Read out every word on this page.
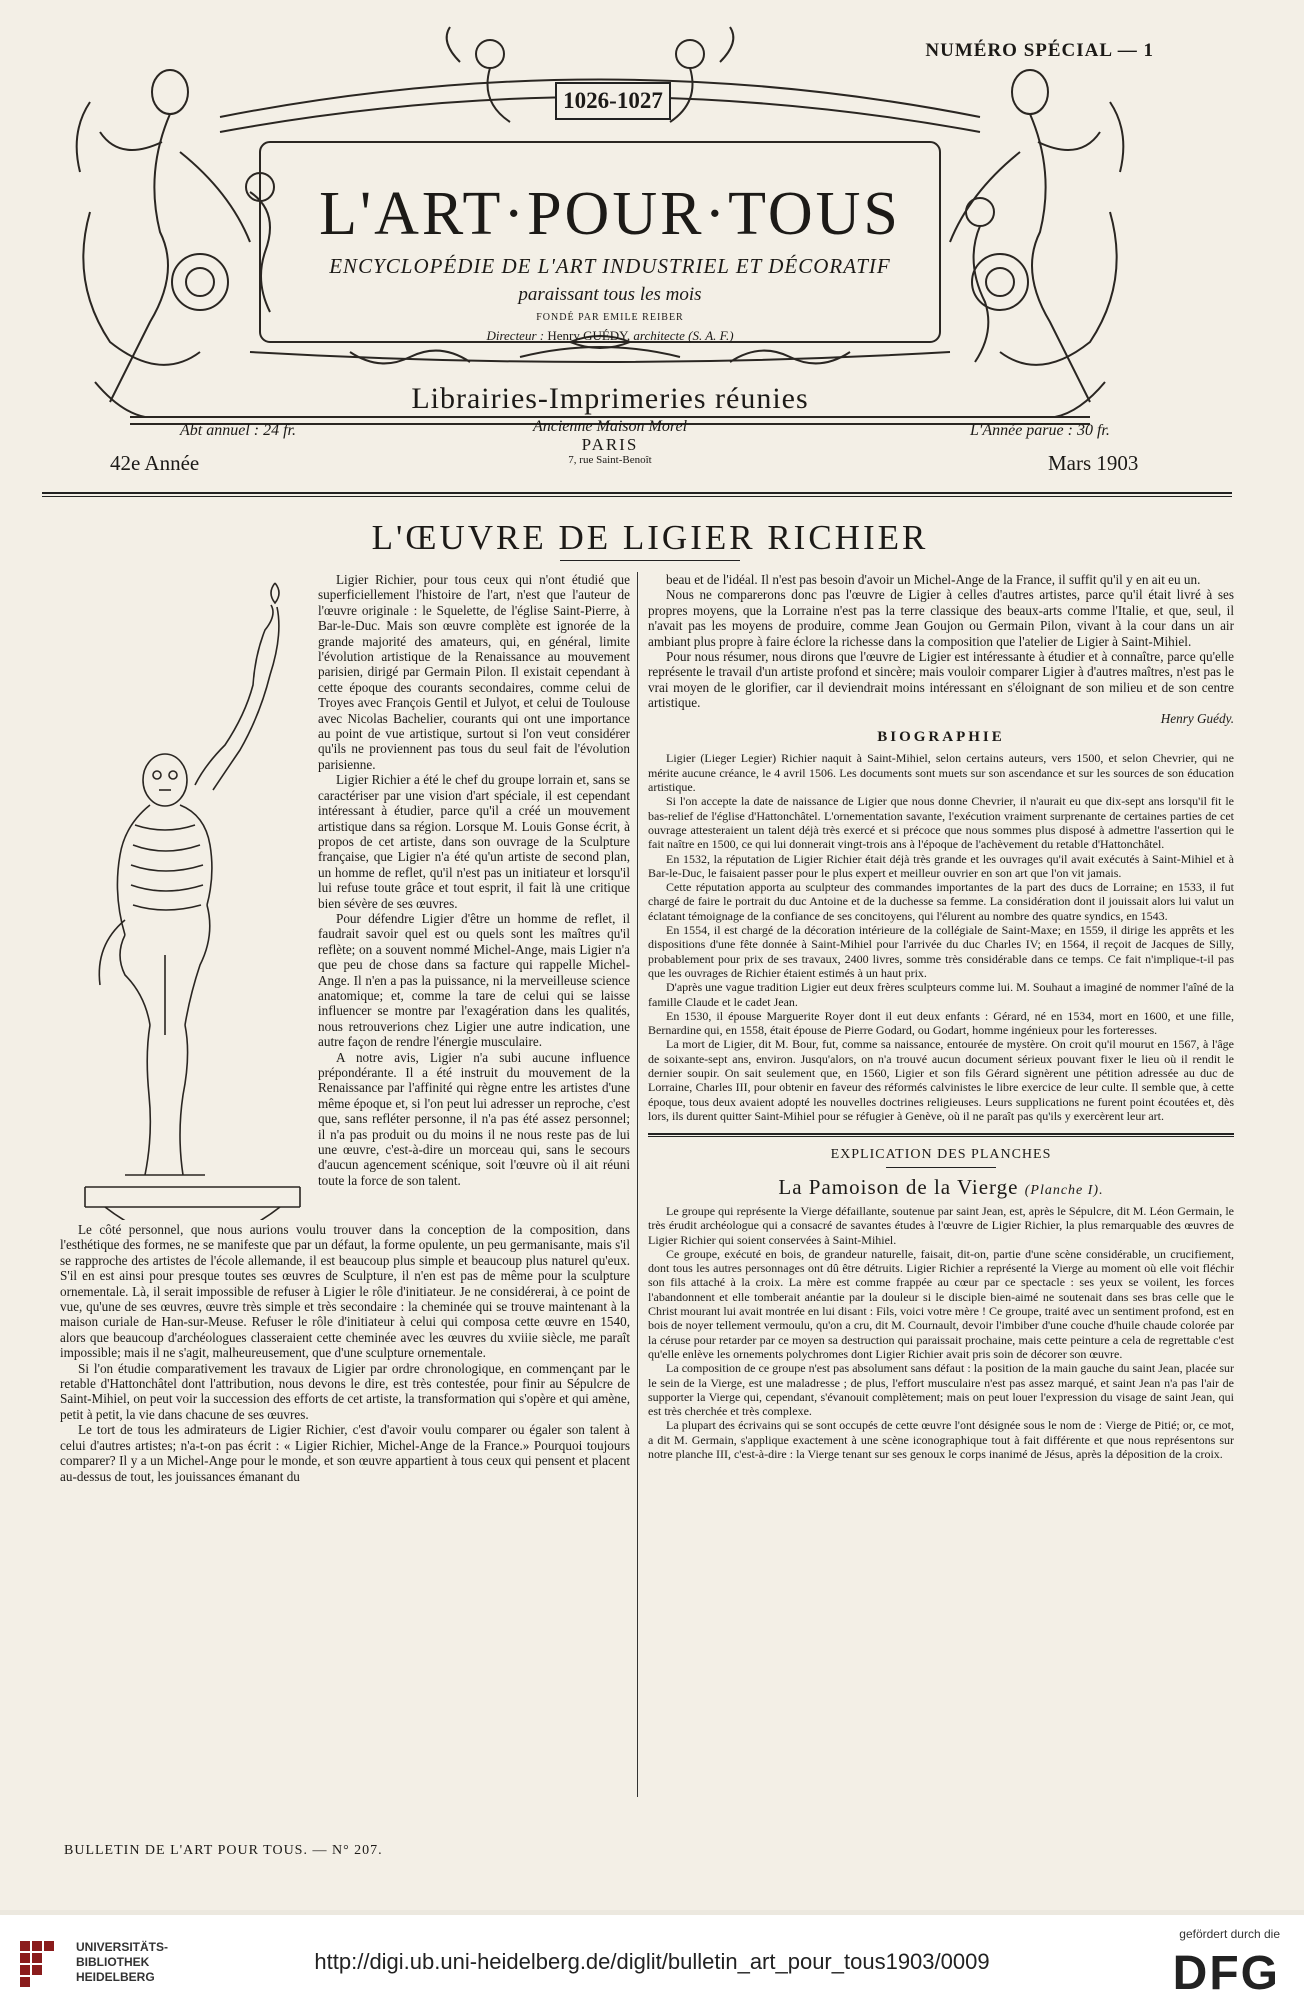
NUMÉRO SPÉCIAL — 1
1026-1027
L'ART·POUR·TOUS
ENCYCLOPÉDIE DE L'ART INDUSTRIEL ET DÉCORATIF
paraissant tous les mois
FONDÉ PAR EMILE REIBER
Directeur : Henry GUÉDY, architecte (S. A. F.)
Librairies-Imprimeries réunies
Ancienne Maison Morel
PARIS
7, rue Saint-Benoît
Abt annuel : 24 fr.	L'Année parue : 30 fr.
42e Année	Mars 1903
L'ŒUVRE DE LIGIER RICHIER

Ligier Richier, pour tous ceux qui n'ont étudié que superficiellement l'histoire de l'art, n'est que l'auteur de l'œuvre originale : le Squelette, de l'église Saint-Pierre, à Bar-le-Duc. Mais son œuvre complète est ignorée de la grande majorité des amateurs, qui, en général, limite l'évolution artistique de la Renaissance au mouvement parisien, dirigé par Germain Pilon. Il existait cependant à cette époque des courants secondaires, comme celui de Troyes avec François Gentil et Julyot, et celui de Toulouse avec Nicolas Bachelier, courants qui ont une importance au point de vue artistique, surtout si l'on veut considérer qu'ils ne proviennent pas tous du seul fait de l'évolution parisienne.

Ligier Richier a été le chef du groupe lorrain et, sans se caractériser par une vision d'art spéciale, il est cependant intéressant à étudier, parce qu'il a créé un mouvement artistique dans sa région. Lorsque M. Louis Gonse écrit, à propos de cet artiste, dans son ouvrage de la Sculpture française, que Ligier n'a été qu'un artiste de second plan, un homme de reflet, qu'il n'est pas un initiateur et lorsqu'il lui refuse toute grâce et tout esprit, il fait là une critique bien sévère de ses œuvres.

Pour défendre Ligier d'être un homme de reflet, il faudrait savoir quel est ou quels sont les maîtres qu'il reflète; on a souvent nommé Michel-Ange, mais Ligier n'a que peu de chose dans sa facture qui rappelle Michel-Ange. Il n'en a pas la puissance, ni la merveilleuse science anatomique; et, comme la tare de celui qui se laisse influencer se montre par l'exagération dans les qualités, nous retrouverions chez Ligier une autre indication, une autre façon de rendre l'énergie musculaire.

A notre avis, Ligier n'a subi aucune influence prépondérante. Il a été instruit du mouvement de la Renaissance par l'affinité qui règne entre les artistes d'une même époque et, si l'on peut lui adresser un reproche, c'est que, sans refléter personne, il n'a pas été assez personnel; il n'a pas produit ou du moins il ne nous reste pas de lui une œuvre, c'est-à-dire un morceau qui, sans le secours d'aucun agencement scénique, soit l'œuvre où il ait réuni toute la force de son talent.

Le côté personnel, que nous aurions voulu trouver dans la conception de la composition, dans l'esthétique des formes, ne se manifeste que par un défaut, la forme opulente, un peu germanisante, mais s'il se rapproche des artistes de l'école allemande, il est beaucoup plus simple et beaucoup plus naturel qu'eux. S'il en est ainsi pour presque toutes ses œuvres de Sculpture, il n'en est pas de même pour la sculpture ornementale. Là, il serait impossible de refuser à Ligier le rôle d'initiateur. Je ne considérerai, à ce point de vue, qu'une de ses œuvres, œuvre très simple et très secondaire : la cheminée qui se trouve maintenant à la maison curiale de Han-sur-Meuse. Refuser le rôle d'initiateur à celui qui composa cette œuvre en 1540, alors que beaucoup d'archéologues classeraient cette cheminée avec les œuvres du xviiie siècle, me paraît impossible; mais il ne s'agit, malheureusement, que d'une sculpture ornementale.

Si l'on étudie comparativement les travaux de Ligier par ordre chronologique, en commençant par le retable d'Hattonchâtel dont l'attribution, nous devons le dire, est très contestée, pour finir au Sépulcre de Saint-Mihiel, on peut voir la succession des efforts de cet artiste, la transformation qui s'opère et qui amène, petit à petit, la vie dans chacune de ses œuvres.

Le tort de tous les admirateurs de Ligier Richier, c'est d'avoir voulu comparer ou égaler son talent à celui d'autres artistes; n'a-t-on pas écrit : « Ligier Richier, Michel-Ange de la France.» Pourquoi toujours comparer? Il y a un Michel-Ange pour le monde, et son œuvre appartient à tous ceux qui pensent et placent au-dessus de tout, les jouissances émanant du

beau et de l'idéal. Il n'est pas besoin d'avoir un Michel-Ange de la France, il suffit qu'il y en ait eu un.

Nous ne comparerons donc pas l'œuvre de Ligier à celles d'autres artistes, parce qu'il était livré à ses propres moyens, que la Lorraine n'est pas la terre classique des beaux-arts comme l'Italie, et que, seul, il n'avait pas les moyens de produire, comme Jean Goujon ou Germain Pilon, vivant à la cour dans un air ambiant plus propre à faire éclore la richesse dans la composition que l'atelier de Ligier à Saint-Mihiel.

Pour nous résumer, nous dirons que l'œuvre de Ligier est intéressante à étudier et à connaître, parce qu'elle représente le travail d'un artiste profond et sincère; mais vouloir comparer Ligier à d'autres maîtres, n'est pas le vrai moyen de le glorifier, car il deviendrait moins intéressant en s'éloignant de son milieu et de son centre artistique.

Henry Guédy.

BIOGRAPHIE

Ligier (Lieger Legier) Richier naquit à Saint-Mihiel, selon certains auteurs, vers 1500, et selon Chevrier, qui ne mérite aucune créance, le 4 avril 1506. Les documents sont muets sur son ascendance et sur les sources de son éducation artistique.

Si l'on accepte la date de naissance de Ligier que nous donne Chevrier, il n'aurait eu que dix-sept ans lorsqu'il fit le bas-relief de l'église d'Hattonchâtel. L'ornementation savante, l'exécution vraiment surprenante de certaines parties de cet ouvrage attesteraient un talent déjà très exercé et si précoce que nous sommes plus disposé à admettre l'assertion qui le fait naître en 1500, ce qui lui donnerait vingt-trois ans à l'époque de l'achèvement du retable d'Hattonchâtel.

En 1532, la réputation de Ligier Richier était déjà très grande et les ouvrages qu'il avait exécutés à Saint-Mihiel et à Bar-le-Duc, le faisaient passer pour le plus expert et meilleur ouvrier en son art que l'on vit jamais.

Cette réputation apporta au sculpteur des commandes importantes de la part des ducs de Lorraine; en 1533, il fut chargé de faire le portrait du duc Antoine et de la duchesse sa femme. La considération dont il jouissait alors lui valut un éclatant témoignage de la confiance de ses concitoyens, qui l'élurent au nombre des quatre syndics, en 1543.

En 1554, il est chargé de la décoration intérieure de la collégiale de Saint-Maxe; en 1559, il dirige les apprêts et les dispositions d'une fête donnée à Saint-Mihiel pour l'arrivée du duc Charles IV; en 1564, il reçoit de Jacques de Silly, probablement pour prix de ses travaux, 2400 livres, somme très considérable dans ce temps. Ce fait n'implique-t-il pas que les ouvrages de Richier étaient estimés à un haut prix.

D'après une vague tradition Ligier eut deux frères sculpteurs comme lui. M. Souhaut a imaginé de nommer l'aîné de la famille Claude et le cadet Jean.

En 1530, il épouse Marguerite Royer dont il eut deux enfants : Gérard, né en 1534, mort en 1600, et une fille, Bernardine qui, en 1558, était épouse de Pierre Godard, ou Godart, homme ingénieux pour les forteresses.

La mort de Ligier, dit M. Bour, fut, comme sa naissance, entourée de mystère. On croit qu'il mourut en 1567, à l'âge de soixante-sept ans, environ. Jusqu'alors, on n'a trouvé aucun document sérieux pouvant fixer le lieu où il rendit le dernier soupir. On sait seulement que, en 1560, Ligier et son fils Gérard signèrent une pétition adressée au duc de Lorraine, Charles III, pour obtenir en faveur des réformés calvinistes le libre exercice de leur culte. Il semble que, à cette époque, tous deux avaient adopté les nouvelles doctrines religieuses. Leurs supplications ne furent point écoutées et, dès lors, ils durent quitter Saint-Mihiel pour se réfugier à Genève, où il ne paraît pas qu'ils y exercèrent leur art.

EXPLICATION DES PLANCHES
La Pamoison de la Vierge (Planche I).

Le groupe qui représente la Vierge défaillante, soutenue par saint Jean, est, après le Sépulcre, dit M. Léon Germain, le très érudit archéologue qui a consacré de savantes études à l'œuvre de Ligier Richier, la plus remarquable des œuvres de Ligier Richier qui soient conservées à Saint-Mihiel.

Ce groupe, exécuté en bois, de grandeur naturelle, faisait, dit-on, partie d'une scène considérable, un crucifiement, dont tous les autres personnages ont dû être détruits. Ligier Richier a représenté la Vierge au moment où elle voit fléchir son fils attaché à la croix. La mère est comme frappée au cœur par ce spectacle : ses yeux se voilent, les forces l'abandonnent et elle tomberait anéantie par la douleur si le disciple bien-aimé ne soutenait dans ses bras celle que le Christ mourant lui avait montrée en lui disant : Fils, voici votre mère ! Ce groupe, traité avec un sentiment profond, est en bois de noyer tellement vermoulu, qu'on a cru, dit M. Cournault, devoir l'imbiber d'une couche d'huile chaude colorée par la céruse pour retarder par ce moyen sa destruction qui paraissait prochaine, mais cette peinture a cela de regrettable c'est qu'elle enlève les ornements polychromes dont Ligier Richier avait pris soin de décorer son œuvre.

La composition de ce groupe n'est pas absolument sans défaut : la position de la main gauche du saint Jean, placée sur le sein de la Vierge, est une maladresse ; de plus, l'effort musculaire n'est pas assez marqué, et saint Jean n'a pas l'air de supporter la Vierge qui, cependant, s'évanouit complètement; mais on peut louer l'expression du visage de saint Jean, qui est très cherchée et très complexe.

La plupart des écrivains qui se sont occupés de cette œuvre l'ont désignée sous le nom de : Vierge de Pitié; or, ce mot, a dit M. Germain, s'applique exactement à une scène iconographique tout à fait différente et que nous représentons sur notre planche III, c'est-à-dire : la Vierge tenant sur ses genoux le corps inanimé de Jésus, après la déposition de la croix.

BULLETIN DE L'ART POUR TOUS. — N° 207.
UNIVERSITÄTS-
BIBLIOTHEK
HEIDELBERG
http://digi.ub.uni-heidelberg.de/diglit/bulletin_art_pour_tous1903/0009
gefördert durch die
DFG
